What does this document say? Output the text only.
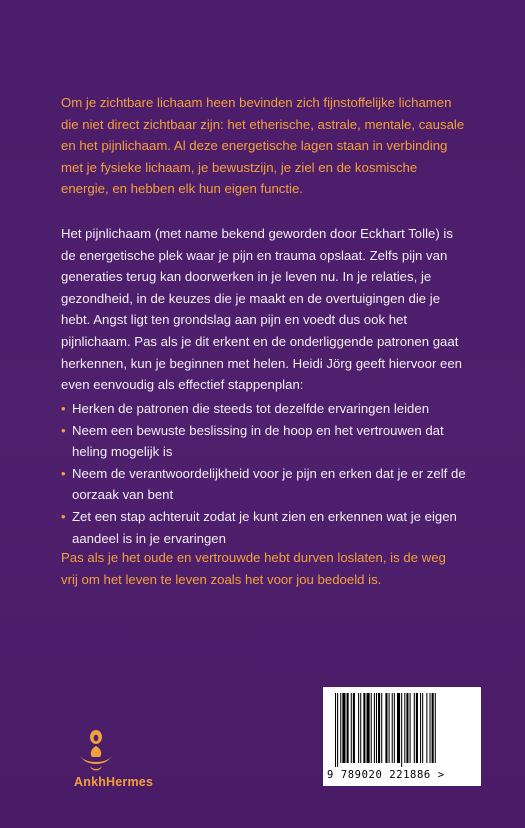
Om je zichtbare lichaam heen bevinden zich fijnstoffelijke lichamen die niet direct zichtbaar zijn: het etherische, astrale, mentale, causale en het pijnlichaam. Al deze energetische lagen staan in verbinding met je fysieke lichaam, je bewustzijn, je ziel en de kosmische energie, en hebben elk hun eigen functie.

Het pijnlichaam (met name bekend geworden door Eckhart Tolle) is de energetische plek waar je pijn en trauma opslaat. Zelfs pijn van generaties terug kan doorwerken in je leven nu. In je relaties, je gezondheid, in de keuzes die je maakt en de overtuigingen die je hebt. Angst ligt ten grondslag aan pijn en voedt dus ook het pijnlichaam. Pas als je dit erkent en de onderliggende patronen gaat herkennen, kun je beginnen met helen. Heidi Jörg geeft hiervoor een even eenvoudig als effectief stappenplan:

• Herken de patronen die steeds tot dezelfde ervaringen leiden
• Neem een bewuste beslissing in de hoop en het vertrouwen dat heling mogelijk is
• Neem de verantwoordelijkheid voor je pijn en erken dat je er zelf de oorzaak van bent
• Zet een stap achteruit zodat je kunt zien en erkennen wat je eigen aandeel is in je ervaringen

Pas als je het oude en vertrouwde hebt durven loslaten, is de weg vrij om het leven te leven zoals het voor jou bedoeld is.

AnkhHermes	9 789020 221886 >
